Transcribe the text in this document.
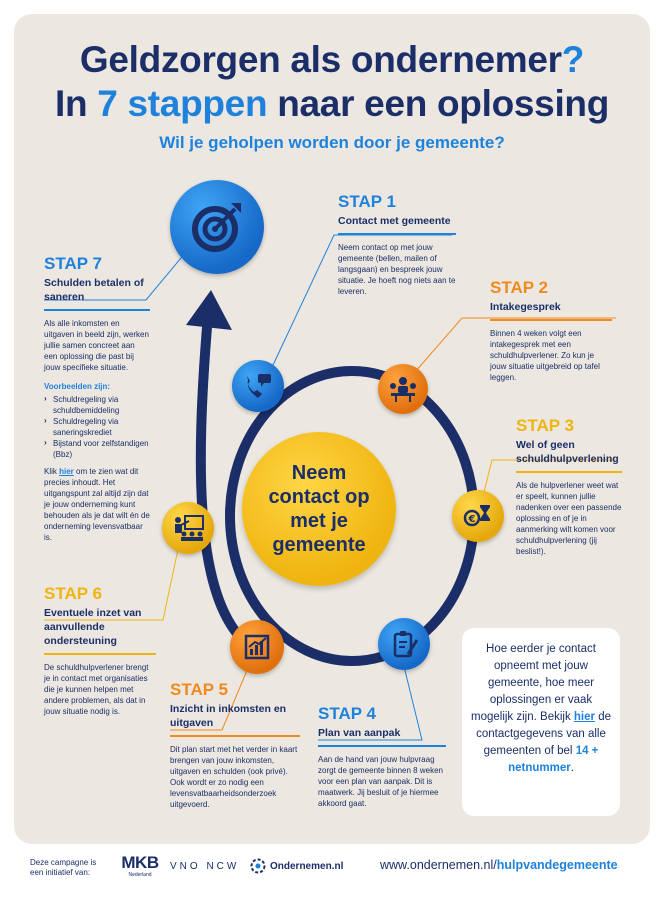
Geldzorgen als ondernemer?
In 7 stappen naar een oplossing
Wil je geholpen worden door je gemeente?
€
Neem contact op met je gemeente
STAP 1
Contact met gemeente
Neem contact op met jouw gemeente (bellen, mailen of langsgaan) en bespreek jouw situatie. Je hoeft nog niets aan te leveren.	STAP 2
Intakegesprek
Binnen 4 weken volgt een intakegesprek met een schuldhulpverlener. Zo kun je jouw situatie uitgebreid op tafel leggen.
STAP 3
Wel of geen schuldhulpverlening
Als de hulpverlener weet wat er speelt, kunnen jullie nadenken over een passende oplossing en of je in aanmerking wilt komen voor schuldhulpverlening (jij beslist!).
STAP 4
Plan van aanpak
Aan de hand van jouw hulpvraag zorgt de gemeente binnen 8 weken voor een plan van aanpak. Dit is maatwerk. Jij besluit of je hiermee akkoord gaat.
STAP 5
Inzicht in inkomsten en uitgaven
Dit plan start met het verder in kaart brengen van jouw inkomsten, uitgaven en schulden (ook privé). Ook wordt er zo nodig een levensvatbaarheidsonderzoek uitgevoerd.
STAP 6
Eventuele inzet van aanvullende ondersteuning
De schuldhulpverlener brengt je in contact met organisaties die je kunnen helpen met andere problemen, als dat in jouw situatie nodig is.
STAP 7
Schulden betalen of saneren
Als alle inkomsten en uitgaven in beeld zijn, werken jullie samen concreet aan een oplossing die past bij jouw specifieke situatie.
Voorbeelden zijn:
› Schuldregeling via schuldbemiddeling
› Schuldregeling via saneringskrediet
› Bijstand voor zelfstandigen (Bbz)
Klik hier om te zien wat dit precies inhoudt. Het uitgangspunt zal altijd zijn dat je jouw onderneming kunt behouden als je dat wilt én de onderneming levensvatbaar is.
Hoe eerder je contact opneemt met jouw gemeente, hoe meer oplossingen er vaak mogelijk zijn. Bekijk hier de contactgegevens van alle gemeenten of bel 14 + netnummer.
Deze campagne is een initiatief van:
MKB
Nederland
VNO NCW	Ondernemen.nl	www.ondernemen.nl/hulpvandegemeente
